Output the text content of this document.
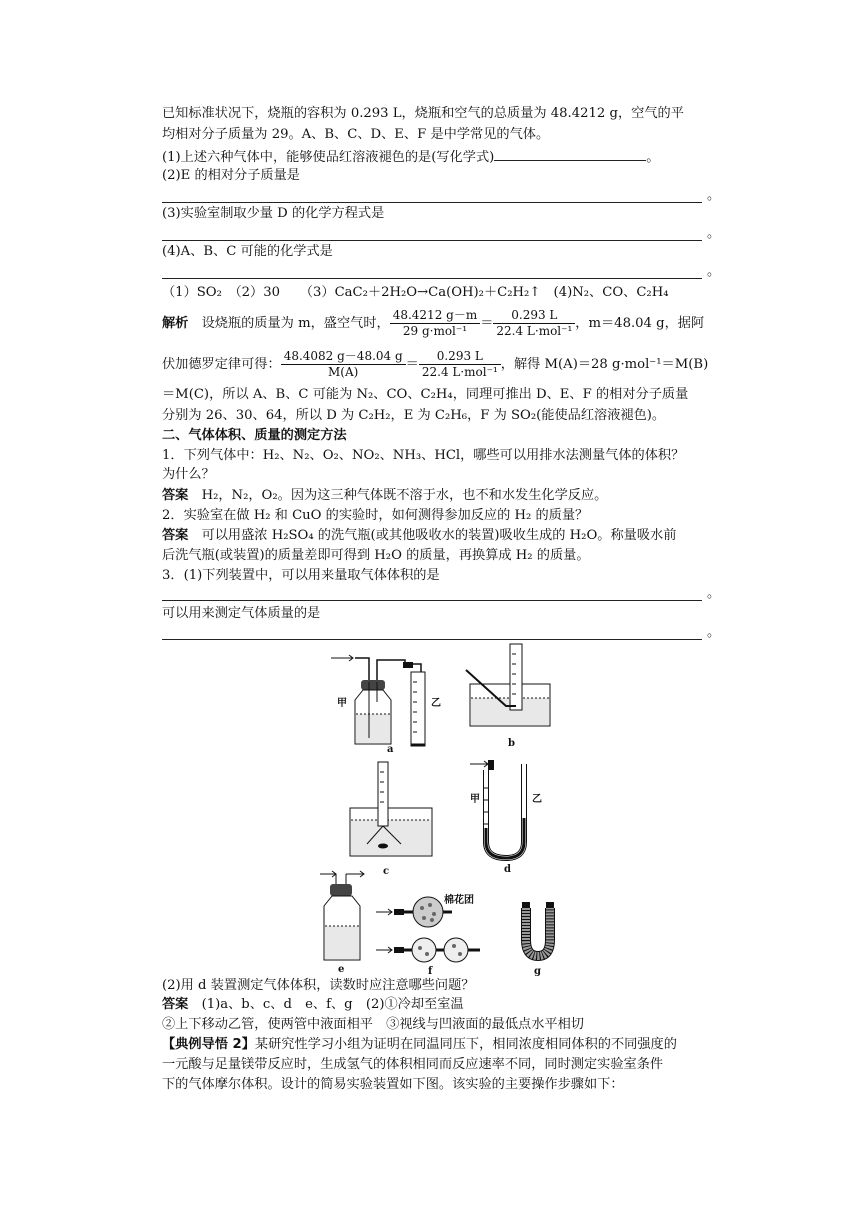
已知标准状况下，烧瓶的容积为 0.293 L，烧瓶和空气的总质量为 48.4212 g，空气的平
均相对分子质量为 29。A、B、C、D、E、F 是中学常见的气体。
(1)上述六种气体中，能够使品红溶液褪色的是(写化学式)	。
(2)E 的相对分子质量是
。
(3)实验室制取少量 D 的化学方程式是
。
(4)A、B、C 可能的化学式是
。
（1）SO₂　（2）30　　（3）CaC₂＋2H₂O→Ca(OH)₂＋C₂H₂↑　(4)N₂、CO、C₂H₄
解析　 设烧瓶的质量为 m，盛空气时， $\frac{48.4212 g-m}{\text{29 g·mol⁻¹}} = \frac{0.293 L}{\text{22.4 L·mol⁻¹}}$ ，m＝48.04 g，据阿
伏加德罗定律可得： $\frac{48.4082 g-48.04 g}{M(A)} = \frac{0.293 L}{\text{22.4 L·mol⁻¹}}$ ，解得 M(A)＝28 g·mol⁻¹＝M(B)
＝M(C)，所以 A、B、C 可能为 N₂、CO、C₂H₄，同理可推出 D、E、F 的相对分子质量
分别为 26、30、64，所以 D 为 C₂H₂，E 为 C₂H₆，F 为 SO₂(能使品红溶液褪色)。
二、气体体积、质量的测定方法
1．下列气体中：H₂、N₂、O₂、NO₂、NH₃、HCl，哪些可以用排水法测量气体的体积？
为什么？
答案　 H₂，N₂，O₂。因为这三种气体既不溶于水，也不和水发生化学反应。
2．实验室在做 H₂ 和 CuO 的实验时，如何测得参加反应的 H₂ 的质量？
答案　 可以用盛浓 H₂SO₄ 的洗气瓶(或其他吸收水的装置)吸收生成的 H₂O。称量吸水前
后洗气瓶(或装置)的质量差即可得到 H₂O 的质量，再换算成 H₂ 的质量。
3．(1)下列装置中，可以用来量取气体体积的是
。
可以用来测定气体质量的是
。
(2)用 d 装置测定气体体积，读数时应注意哪些问题？
答案　 (1)a、b、c、d　e、f、g　(2)①冷却至室温
②上下移动乙管，使两管中液面相平　③视线与凹液面的最低点水平相切
【典例导悟 2】某研究性学习小组为证明在同温同压下，相同浓度相同体积的不同强度的
一元酸与足量镁带反应时，生成氢气的体积相同而反应速率不同，同时测定实验室条件
下的气体摩尔体积。设计的简易实验装置如下图。该实验的主要操作步骤如下：
甲	乙
a
b
c
甲	乙
d
e
棉花团
f	g
